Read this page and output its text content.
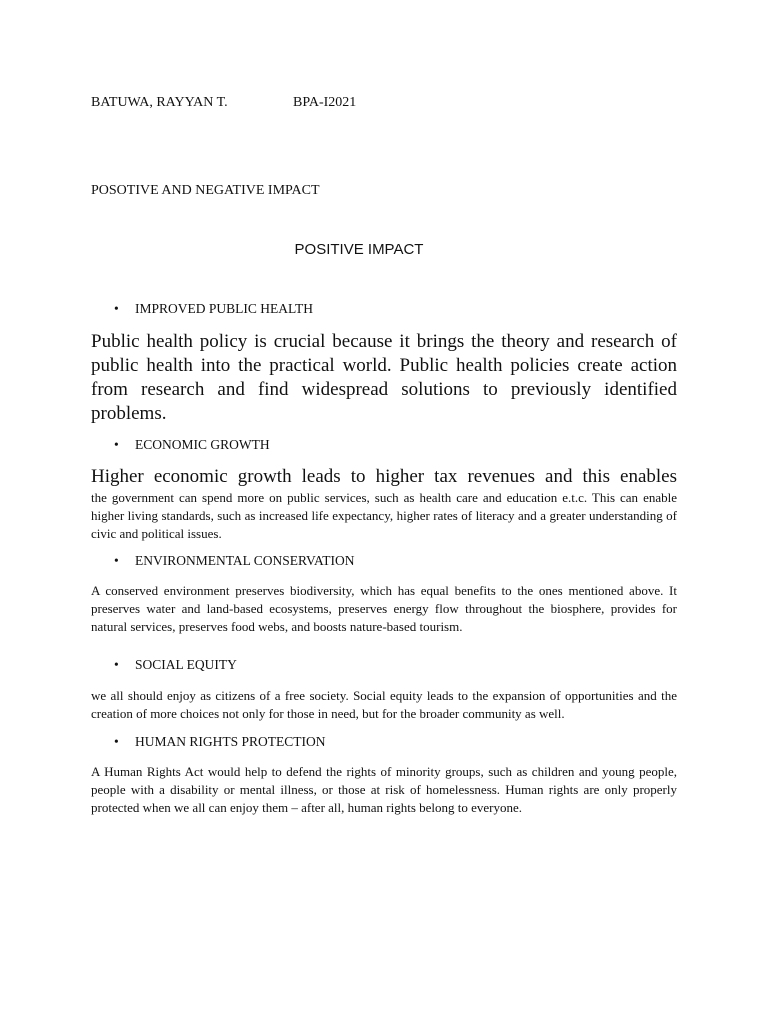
BATUWA, RAYYAN T.	BPA-I2021
POSOTIVE AND NEGATIVE IMPACT
POSITIVE IMPACT
• IMPROVED PUBLIC HEALTH

Public health policy is crucial because it brings the theory and research of public health into the practical world. Public health policies create action from research and find widespread solutions to previously identified problems.

• ECONOMIC GROWTH
Higher economic growth leads to higher tax revenues and this enables
the government can spend more on public services, such as health care and education e.t.c. This can enable higher living standards, such as increased life expectancy, higher rates of literacy and a greater understanding of civic and political issues.
• ENVIRONMENTAL CONSERVATION

A conserved environment preserves biodiversity, which has equal benefits to the ones mentioned above. It preserves water and land-based ecosystems, preserves energy flow throughout the biosphere, provides for natural services, preserves food webs, and boosts nature-based tourism.

• SOCIAL EQUITY

we all should enjoy as citizens of a free society. Social equity leads to the expansion of opportunities and the creation of more choices not only for those in need, but for the broader community as well.

• HUMAN RIGHTS PROTECTION

A Human Rights Act would help to defend the rights of minority groups, such as children and young people, people with a disability or mental illness, or those at risk of homelessness. Human rights are only properly protected when we all can enjoy them – after all, human rights belong to everyone.
